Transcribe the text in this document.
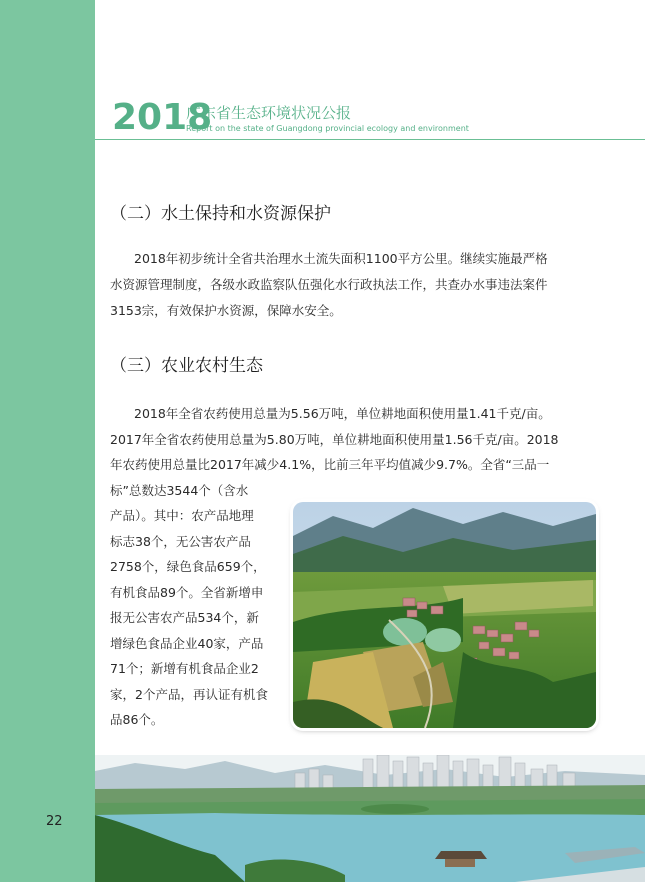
2018
广东省生态环境状况公报
Report on the state of Guangdong provincial ecology and environment
（二）水土保持和水资源保护
2018年初步统计全省共治理水土流失面积1100平方公里。继续实施最严格
水资源管理制度，各级水政监察队伍强化水行政执法工作，共查办水事违法案件
3153宗，有效保护水资源，保障水安全。
（三）农业农村生态
2018年全省农药使用总量为5.56万吨，单位耕地面积使用量1.41千克/亩。
2017年全省农药使用总量为5.80万吨，单位耕地面积使用量1.56千克/亩。2018
年农药使用总量比2017年减少4.1%，比前三年平均值减少9.7%。全省“三品一
标”总数达3544个（含水
产品）。其中：农产品地理
标志38个，无公害农产品
2758个，绿色食品659个，
有机食品89个。全省新增申
报无公害农产品534个，新
增绿色食品企业40家，产品
71个；新增有机食品企业2
家，2个产品，再认证有机食
品86个。
22
